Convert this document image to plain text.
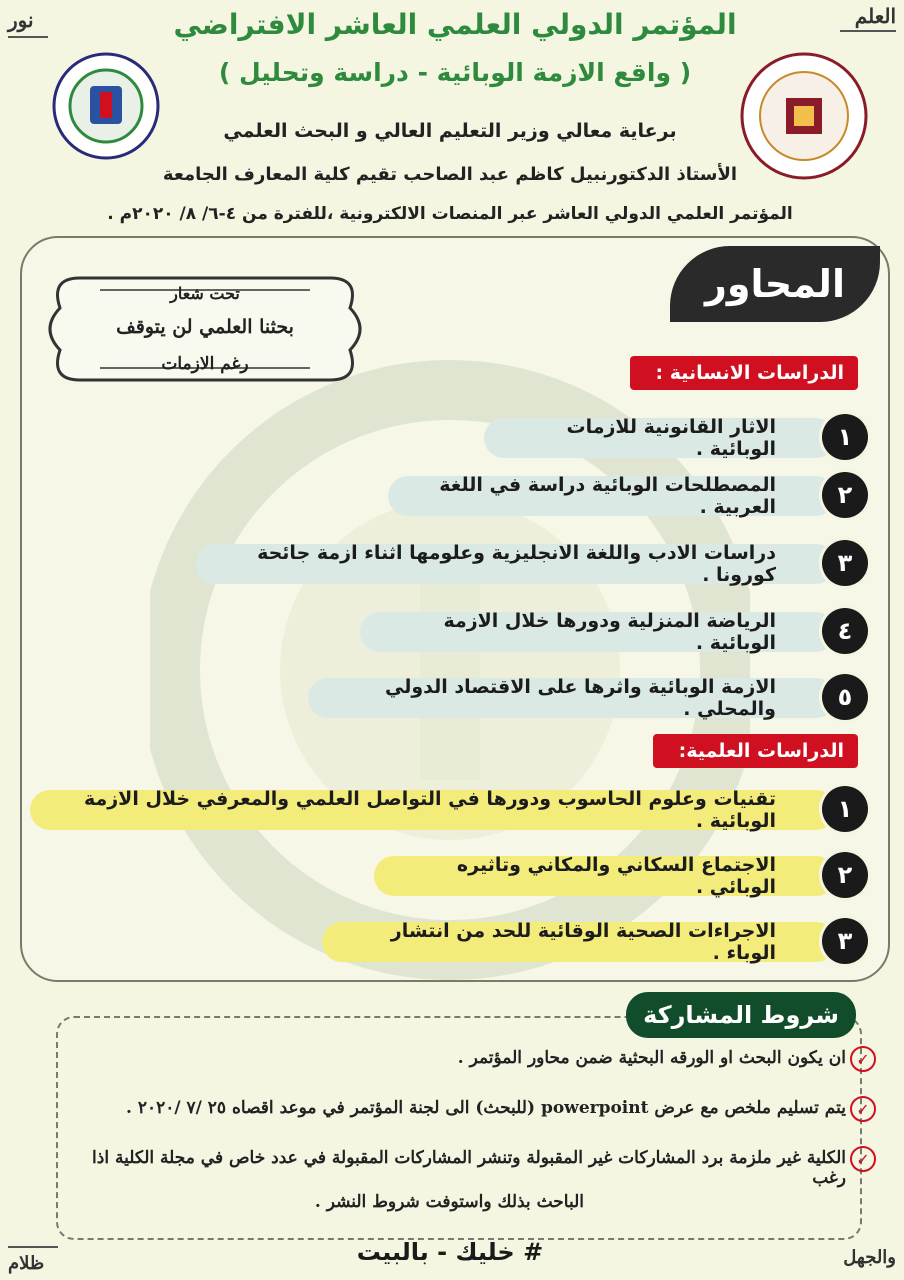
العلم
نور
والجهل
ظلام
المؤتمر الدولي العلمي العاشر الافتراضي
( واقع الازمة الوبائية - دراسة وتحليل )
برعاية معالي وزير التعليم العالي و البحث العلمي
الأستاذ الدكتورنبيل كاظم عبد الصاحب تقيم كلية المعارف الجامعة
المؤتمر العلمي الدولي العاشر عبر المنصات الالكترونية ،للفترة من ٤-٦/ ٨/ ٢٠٢٠م .
تحت شعار
بحثنا العلمي لن يتوقف
رغم الازمات
المحاور
الدراسات الانسانية :
الاثار القانونية للازمات الوبائية .	١
المصطلحات الوبائية دراسة في اللغة العربية .	٢
دراسات الادب واللغة الانجليزية وعلومها اثناء ازمة جائحة كورونا .	٣
الرياضة المنزلية ودورها خلال الازمة الوبائية .	٤
الازمة الوبائية واثرها على الاقتصاد الدولي والمحلي .	٥
الدراسات العلمية:
تقنيات وعلوم الحاسوب ودورها في التواصل العلمي والمعرفي خلال الازمة الوبائية .	١
الاجتماع السكاني والمكاني وتاثيره الوبائي .	٢
الاجراءات الصحية الوقائية للحد من انتشار الوباء .	٣
شروط المشاركة
✓
ان يكون البحث او الورقه البحثية ضمن محاور المؤتمر .
✓
يتم تسليم ملخص مع عرض powerpoint (للبحث) الى لجنة المؤتمر في موعد اقصاه ٢٥ /٧ /٢٠٢٠ .
✓
الكلية غير ملزمة برد المشاركات غير المقبولة وتنشر المشاركات المقبولة في عدد خاص في مجلة الكلية اذا رغب
الباحث بذلك واستوفت شروط النشر .
# خليك - بالبيت
